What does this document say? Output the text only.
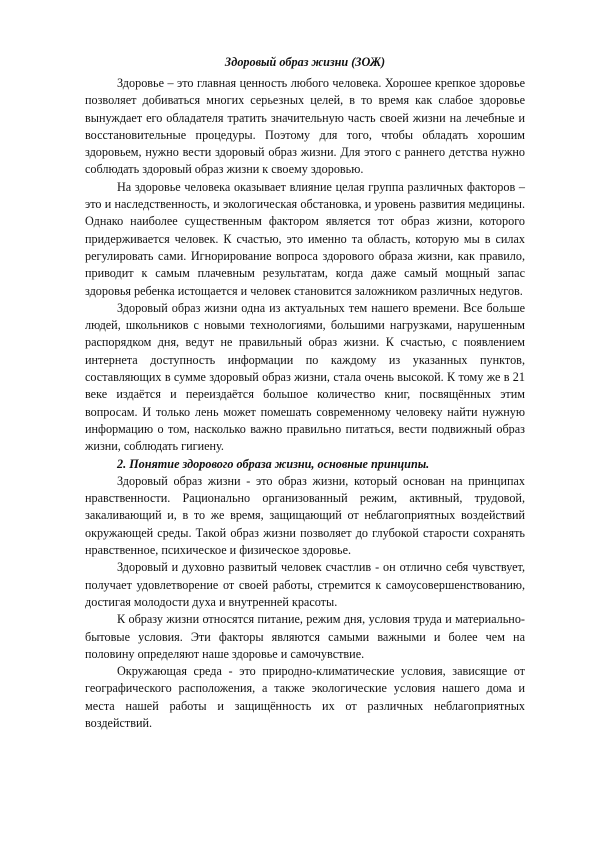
Здоровый образ жизни (ЗОЖ)

Здоровье – это главная ценность любого человека. Хорошее крепкое здоровье позволяет добиваться многих серьезных целей, в то время как слабое здоровье вынуждает его обладателя тратить значительную часть своей жизни на лечебные и восстановительные процедуры. Поэтому для того, чтобы обладать хорошим здоровьем, нужно вести здоровый образ жизни. Для этого с раннего детства нужно соблюдать здоровый образ жизни к своему здоровью.

На здоровье человека оказывает влияние целая группа различных факторов – это и наследственность, и экологическая обстановка, и уровень развития медицины. Однако наиболее существенным фактором является тот образ жизни, которого придерживается человек. К счастью, это именно та область, которую мы в силах регулировать сами. Игнорирование вопроса здорового образа жизни, как правило, приводит к самым плачевным результатам, когда даже самый мощный запас здоровья ребенка истощается и человек становится заложником различных недугов.

Здоровый образ жизни одна из актуальных тем нашего времени. Все больше людей, школьников с новыми технологиями, большими нагрузками, нарушенным распорядком дня, ведут не правильный образ жизни. К счастью, с появлением интернета доступность информации по каждому из указанных пунктов, составляющих в сумме здоровый образ жизни, стала очень высокой. К тому же в 21 веке издаётся и переиздаётся большое количество книг, посвящённых этим вопросам. И только лень может помешать современному человеку найти нужную информацию о том, насколько важно правильно питаться, вести подвижный образ жизни, соблюдать гигиену.

2. Понятие здорового образа жизни, основные принципы.

Здоровый образ жизни - это образ жизни, который основан на принципах нравственности. Рационально организованный режим, активный, трудовой, закаливающий и, в то же время, защищающий от неблагоприятных воздействий окружающей среды. Такой образ жизни позволяет до глубокой старости сохранять нравственное, психическое и физическое здоровье.

Здоровый и духовно развитый человек счастлив - он отлично себя чувствует, получает удовлетворение от своей работы, стремится к самоусовершенствованию, достигая молодости духа и внутренней красоты.

К образу жизни относятся питание, режим дня, условия труда и материально-бытовые условия. Эти факторы являются самыми важными и более чем на половину определяют наше здоровье и самочувствие.

Окружающая среда - это природно-климатические условия, зависящие от географического расположения, а также экологические условия нашего дома и места нашей работы и защищённость их от различных неблагоприятных воздействий.
